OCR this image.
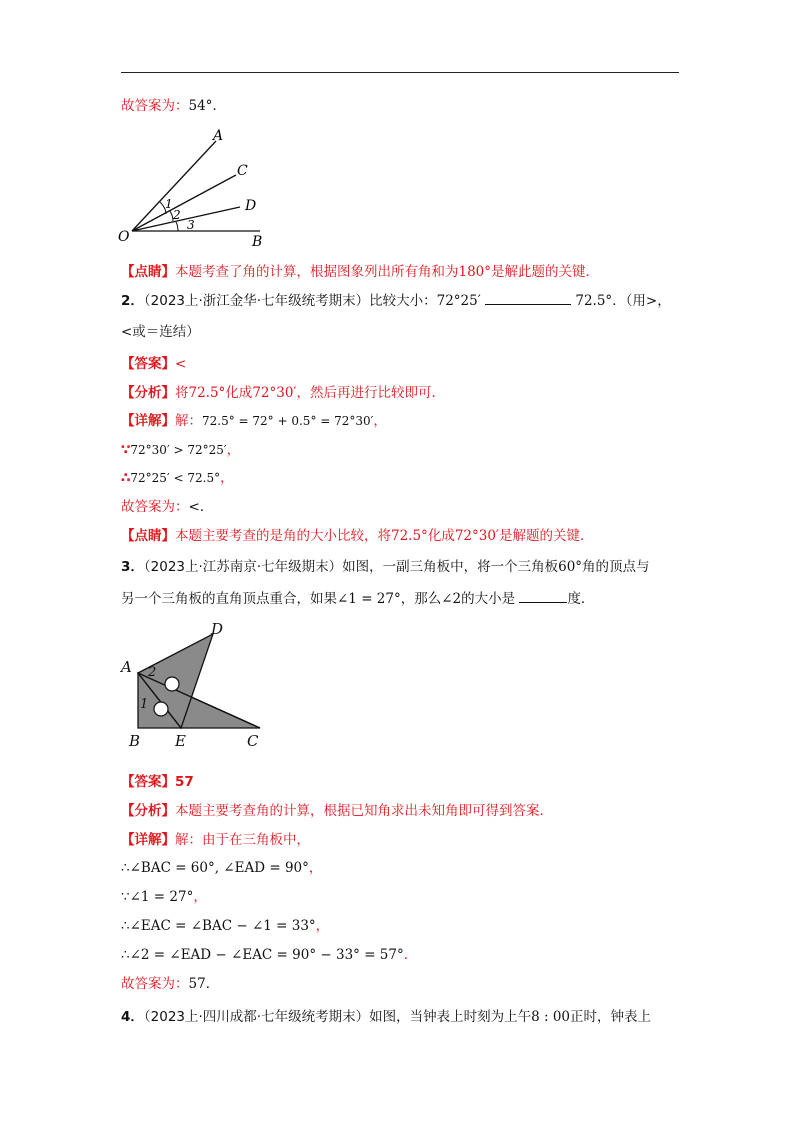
故答案为：54°．
A
C
D
O	B
1
2
3
【点睛】本题考查了角的计算，根据图象列出所有角和为180°是解此题的关键．
2．（2023上·浙江金华·七年级统考期末）比较大小：72°25′	72.5°．（用>，
<或＝连结）
【答案】<
【分析】将72.5°化成72°30′，然后再进行比较即可．
【详解】解：72.5° = 72° + 0.5° = 72°30′，
∵72°30′ > 72°25′，
∴72°25′ < 72.5°，
故答案为：<．
【点睛】本题主要考查的是角的大小比较，将72.5°化成72°30′是解题的关键．
3．（2023上·江苏南京·七年级期末）如图，一副三角板中，将一个三角板60°角的顶点与
另一个三角板的直角顶点重合，如果∠1 = 27°，那么∠2的大小是	度．
A
D
B E	C
1
2
【答案】57
【分析】本题主要考查角的计算，根据已知角求出未知角即可得到答案．
【详解】解：由于在三角板中，
∴∠BAC = 60°, ∠EAD = 90°，
∵∠1 = 27°，
∴∠EAC = ∠BAC − ∠1 = 33°，
∴∠2 = ∠EAD − ∠EAC = 90° − 33° = 57°．
故答案为：57．
4．（2023上·四川成都·七年级统考期末）如图，当钟表上时刻为上午8 : 00正时，钟表上
